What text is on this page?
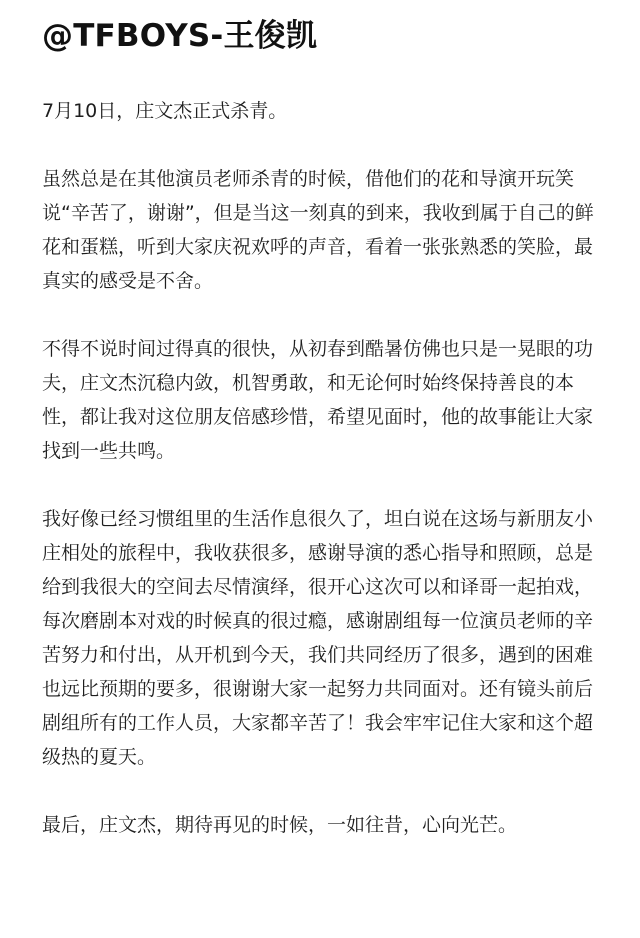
@TFBOYS-王俊凯

7月10日，庄文杰正式杀青。

虽然总是在其他演员老师杀青的时候，借他们的花和导演开玩笑说“辛苦了，谢谢”，但是当这一刻真的到来，我收到属于自己的鲜花和蛋糕，听到大家庆祝欢呼的声音，看着一张张熟悉的笑脸，最真实的感受是不舍。

不得不说时间过得真的很快，从初春到酷暑仿佛也只是一晃眼的功夫，庄文杰沉稳内敛，机智勇敢，和无论何时始终保持善良的本性，都让我对这位朋友倍感珍惜，希望见面时，他的故事能让大家找到一些共鸣。

我好像已经习惯组里的生活作息很久了，坦白说在这场与新朋友小庄相处的旅程中，我收获很多，感谢导演的悉心指导和照顾，总是给到我很大的空间去尽情演绎，很开心这次可以和译哥一起拍戏，每次磨剧本对戏的时候真的很过瘾，感谢剧组每一位演员老师的辛苦努力和付出，从开机到今天，我们共同经历了很多，遇到的困难也远比预期的要多，很谢谢大家一起努力共同面对。还有镜头前后剧组所有的工作人员，大家都辛苦了！我会牢牢记住大家和这个超级热的夏天。

最后，庄文杰，期待再见的时候，一如往昔，心向光芒。
